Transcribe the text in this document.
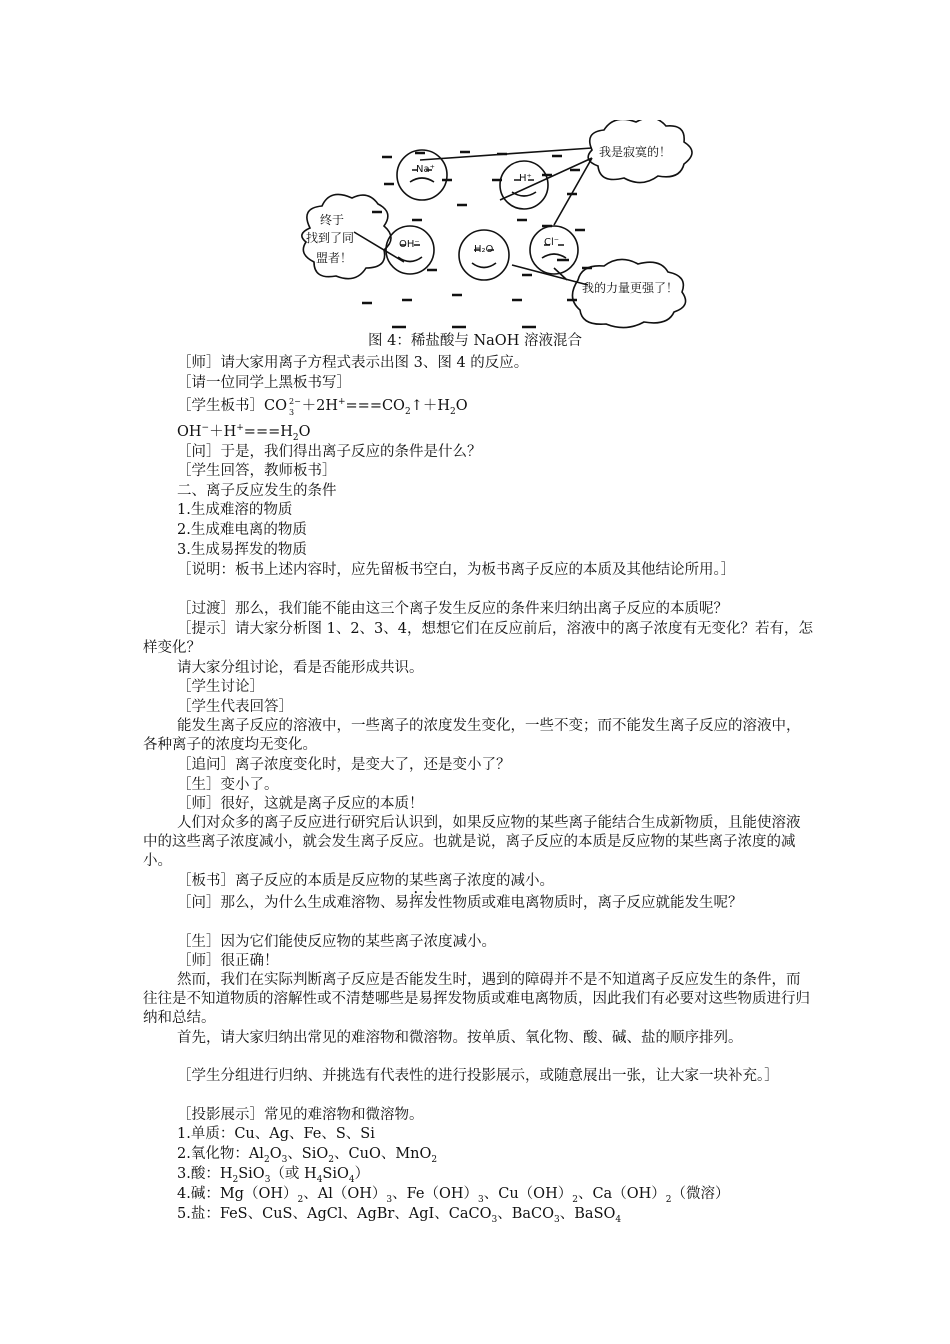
Na⁺
H⁺
OH⁻	H₂O
Cl⁻
我是寂寞的！
终于
找到了同
盟者！
我的力量更强了！
图 4：稀盐酸与 NaOH 溶液混合
［师］请大家用离子方程式表示出图 3、图 4 的反应。
［请一位同学上黑板书写］
［学生板书］CO 2−
$3 +2H^+===CO_2↑+H_2O$
$OH^-+H^+===H_2O$
［问］于是，我们得出离子反应的条件是什么？
［学生回答，教师板书］
二、离子反应发生的条件
1.生成难溶的物质
2.生成难电离的物质
3.生成易挥发的物质
［说明：板书上述内容时，应先留板书空白，为板书离子反应的本质及其他结论所用。］
［过渡］那么，我们能不能由这三个离子发生反应的条件来归纳出离子反应的本质呢？
［提示］请大家分析图 1、2、3、4，想想它们在反应前后，溶液中的离子浓度有无变化？若有，怎样变化？
请大家分组讨论，看是否能形成共识。
［学生讨论］
［学生代表回答］
能发生离子反应的溶液中，一些离子的浓度发生变化，一些不变；而不能发生离子反应的溶液中，各种离子的浓度均无变化。
［追问］离子浓度变化时，是变大了，还是变小了？
［生］变小了。
［师］很好，这就是离子反应的本质！
人们对众多的离子反应进行研究后认识到，如果反应物的某些离子能结合生成新物质，且能使溶液中的这些离子浓度减小，就会发生离子反应。也就是说，离子反应的本质是反应物的某些离子浓度的减小。
［板书］离子反应的本质是反应物的某些离子浓度的减小。
［问］那么，为什么生成难溶物、易挥发性物质或难电离物质时，离子反应就能发生呢？
［生］因为它们能使反应物的某些离子浓度减小。
［师］很正确！
然而，我们在实际判断离子反应是否能发生时，遇到的障碍并不是不知道离子反应发生的条件，而往往是不知道物质的溶解性或不清楚哪些是易挥发物质或难电离物质，因此我们有必要对这些物质进行归纳和总结。
首先，请大家归纳出常见的难溶物和微溶物。按单质、氧化物、酸、碱、盐的顺序排列。
［学生分组进行归纳、并挑选有代表性的进行投影展示，或随意展出一张，让大家一块补充。］
［投影展示］常见的难溶物和微溶物。
1.单质：Cu、Ag、Fe、S、Si
2.氧化物：$Al_2O_3$、SiO$_2$、CuO、MnO$_2$
3.酸：$H_2SiO_3$（或 $H_4SiO_4$）
4.碱：$Mg(OH)_2$、$Al(OH)_3$、$Fe(OH)_3$、$Cu(OH)_2$、$Ca(OH)_2$（微溶）
5.盐：FeS、CuS、AgCl、AgBr、AgI、CaCO$_3$、BaCO$_3$、BaSO$_4$
